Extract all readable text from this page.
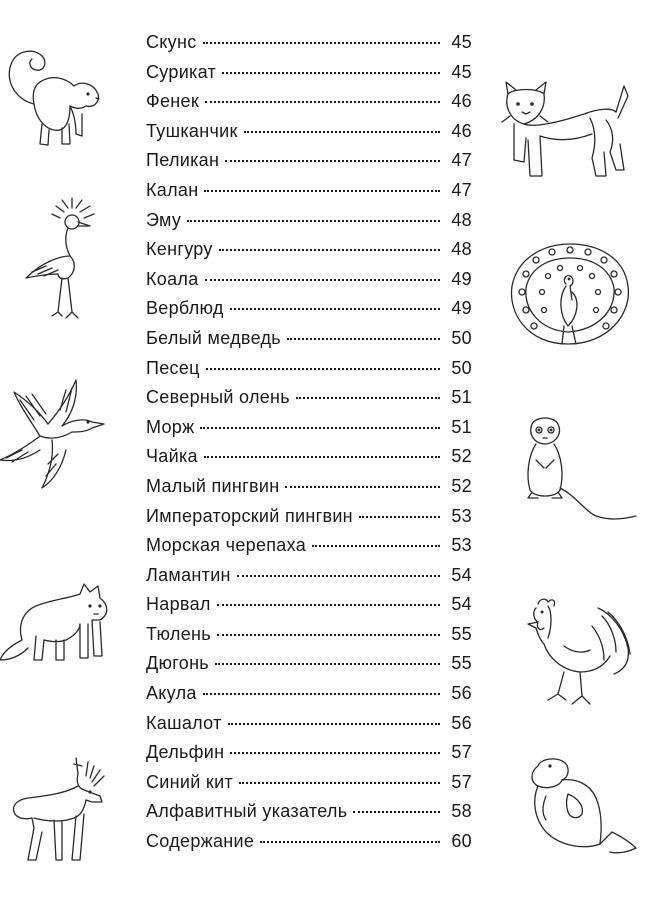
Скунс	45
Сурикат	45
Фенек	46
Тушканчик	46
Пеликан	47
Калан	47
Эму	48
Кенгуру	48
Коала	49
Верблюд	49
Белый медведь	50
Песец	50
Северный олень	51
Морж	51
Чайка	52
Малый пингвин	52
Императорский пингвин	53
Морская черепаха	53
Ламантин	54
Нарвал	54
Тюлень	55
Дюгонь	55
Акула	56
Кашалот	56
Дельфин	57
Синий кит	57
Алфавитный указатель	58
Содержание	60
